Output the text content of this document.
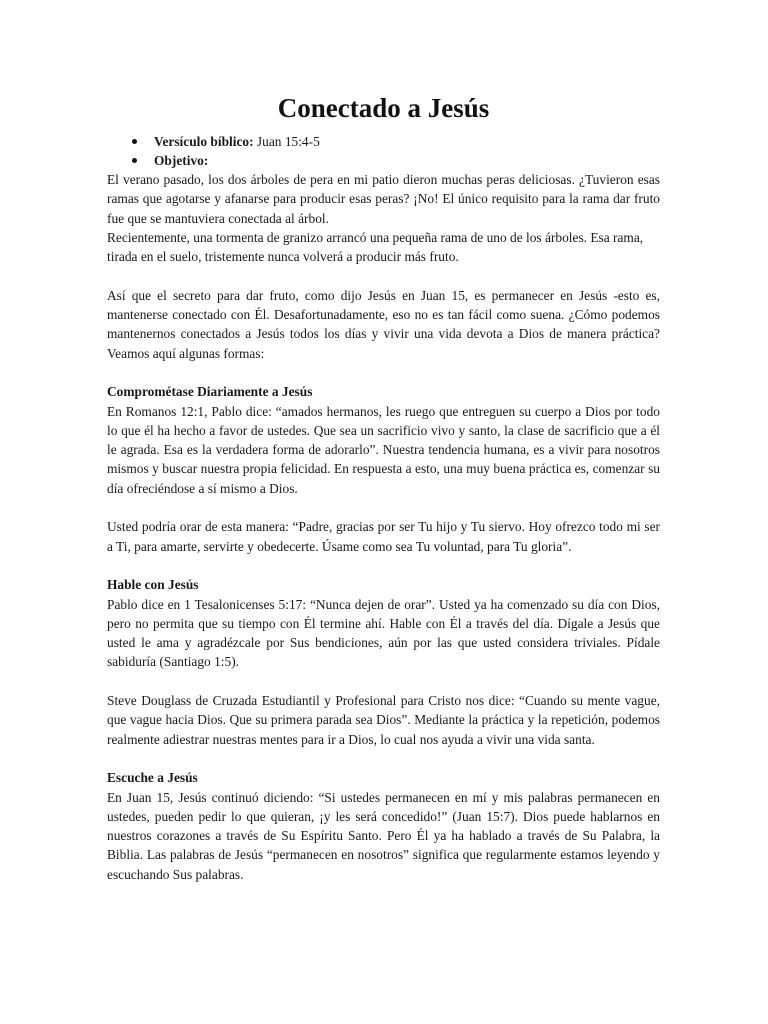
Conectado a Jesús
Versículo bíblico: Juan 15:4-5
Objetivo:

El verano pasado, los dos árboles de pera en mi patio dieron muchas peras deliciosas. ¿Tuvieron esas ramas que agotarse y afanarse para producir esas peras? ¡No! El único requisito para la rama dar fruto fue que se mantuviera conectada al árbol.

Recientemente, una tormenta de granizo arrancó una pequeña rama de uno de los árboles. Esa rama, tirada en el suelo, tristemente nunca volverá a producir más fruto.

Así que el secreto para dar fruto, como dijo Jesús en Juan 15, es permanecer en Jesús -esto es, mantenerse conectado con Él. Desafortunadamente, eso no es tan fácil como suena. ¿Cómo podemos mantenernos conectados a Jesús todos los días y vivir una vida devota a Dios de manera práctica? Veamos aquí algunas formas:

Comprométase Diariamente a Jesús

En Romanos 12:1, Pablo dice: “amados hermanos, les ruego que entreguen su cuerpo a Dios por todo lo que él ha hecho a favor de ustedes. Que sea un sacrificio vivo y santo, la clase de sacrificio que a él le agrada. Esa es la verdadera forma de adorarlo”. Nuestra tendencia humana, es a vivir para nosotros mismos y buscar nuestra propia felicidad. En respuesta a esto, una muy buena práctica es, comenzar su día ofreciéndose a sí mismo a Dios.

Usted podría orar de esta manera: “Padre, gracias por ser Tu hijo y Tu siervo. Hoy ofrezco todo mi ser a Ti, para amarte, servirte y obedecerte. Úsame como sea Tu voluntad, para Tu gloria”.

Hable con Jesús

Pablo dice en 1 Tesalonicenses 5:17: “Nunca dejen de orar”. Usted ya ha comenzado su día con Dios, pero no permita que su tiempo con Él termine ahí. Hable con Él a través del día. Dígale a Jesús que usted le ama y agradézcale por Sus bendiciones, aún por las que usted considera triviales. Pídale sabiduría (Santiago 1:5).

Steve Douglass de Cruzada Estudiantil y Profesional para Cristo nos dice: “Cuando su mente vague, que vague hacia Dios. Que su primera parada sea Dios”. Mediante la práctica y la repetición, podemos realmente adiestrar nuestras mentes para ir a Dios, lo cual nos ayuda a vivir una vida santa.

Escuche a Jesús

En Juan 15, Jesús continuó diciendo: “Si ustedes permanecen en mí y mis palabras permanecen en ustedes, pueden pedir lo que quieran, ¡y les será concedido!” (Juan 15:7). Dios puede hablarnos en nuestros corazones a través de Su Espíritu Santo. Pero Él ya ha hablado a través de Su Palabra, la Biblia. Las palabras de Jesús “permanecen en nosotros” significa que regularmente estamos leyendo y escuchando Sus palabras.
